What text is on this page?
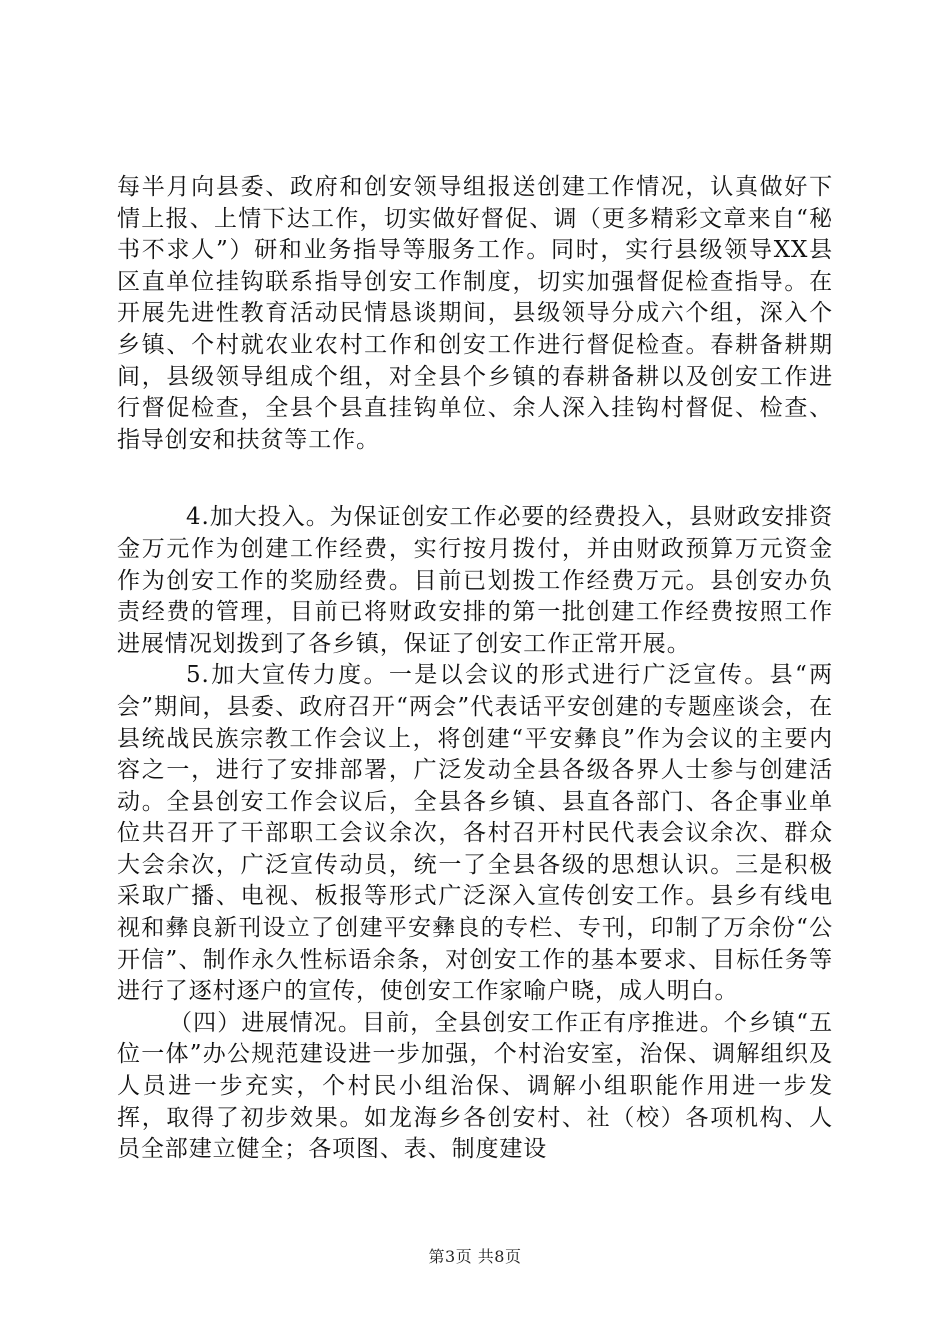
每半月向县委、政府和创安领导组报送创建工作情况，认真做好下情上报、上情下达工作，切实做好督促、调（更多精彩文章来自“秘书不求人”）研和业务指导等服务工作。同时，实行县级领导XX县区直单位挂钩联系指导创安工作制度，切实加强督促检查指导。在开展先进性教育活动民情恳谈期间，县级领导分成六个组，深入个乡镇、个村就农业农村工作和创安工作进行督促检查。春耕备耕期间，县级领导组成个组，对全县个乡镇的春耕备耕以及创安工作进行督促检查，全县个县直挂钩单位、余人深入挂钩村督促、检查、指导创安和扶贫等工作。

4.加大投入。为保证创安工作必要的经费投入，县财政安排资金万元作为创建工作经费，实行按月拨付，并由财政预算万元资金作为创安工作的奖励经费。目前已划拨工作经费万元。县创安办负责经费的管理，目前已将财政安排的第一批创建工作经费按照工作进展情况划拨到了各乡镇，保证了创安工作正常开展。

5.加大宣传力度。一是以会议的形式进行广泛宣传。县“两会”期间，县委、政府召开“两会”代表话平安创建的专题座谈会，在县统战民族宗教工作会议上，将创建“平安彝良”作为会议的主要内容之一，进行了安排部署，广泛发动全县各级各界人士参与创建活动。全县创安工作会议后，全县各乡镇、县直各部门、各企事业单位共召开了干部职工会议余次，各村召开村民代表会议余次、群众大会余次，广泛宣传动员，统一了全县各级的思想认识。三是积极采取广播、电视、板报等形式广泛深入宣传创安工作。县乡有线电视和彝良新刊设立了创建平安彝良的专栏、专刊，印制了万余份“公开信”、制作永久性标语余条，对创安工作的基本要求、目标任务等进行了逐村逐户的宣传，使创安工作家喻户晓，成人明白。

（四）进展情况。目前，全县创安工作正有序推进。个乡镇“五位一体”办公规范建设进一步加强，个村治安室，治保、调解组织及人员进一步充实，个村民小组治保、调解小组职能作用进一步发挥，取得了初步效果。如龙海乡各创安村、社（校）各项机构、人员全部建立健全；各项图、表、制度建设

第3页 共8页
